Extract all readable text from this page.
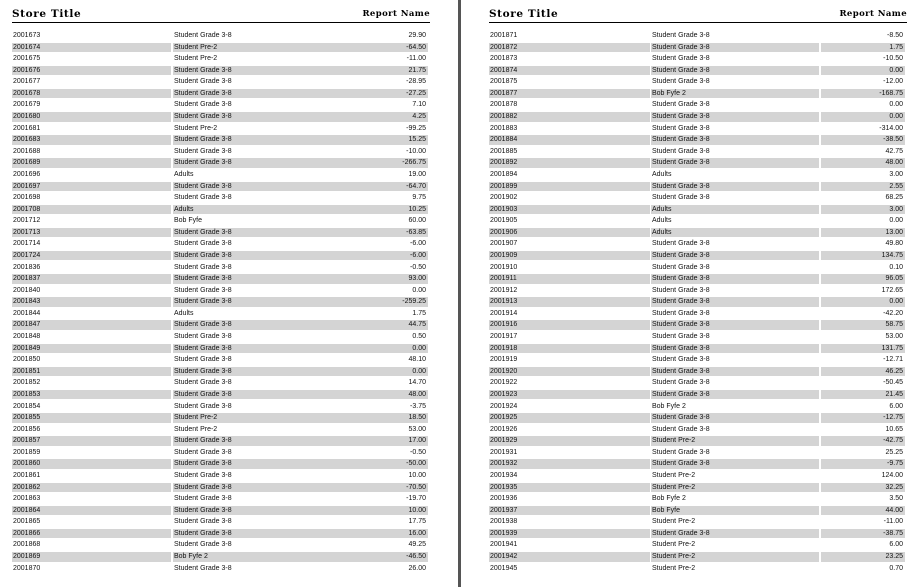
Store Title	Report Name
2001673	Student Grade 3-8	29.90
2001674	Student Pre-2	-64.50
2001675	Student Pre-2	-11.00
2001676	Student Grade 3-8	21.75
2001677	Student Grade 3-8	-28.95
2001678	Student Grade 3-8	-27.25
2001679	Student Grade 3-8	7.10
2001680	Student Grade 3-8	4.25
2001681	Student Pre-2	-99.25
2001683	Student Grade 3-8	15.25
2001688	Student Grade 3-8	-10.00
2001689	Student Grade 3-8	-266.75
2001696	Adults	19.00
2001697	Student Grade 3-8	-64.70
2001698	Student Grade 3-8	9.75
2001708	Adults	10.25
2001712	Bob Fyfe	60.00
2001713	Student Grade 3-8	-63.85
2001714	Student Grade 3-8	-6.00
2001724	Student Grade 3-8	-6.00
2001836	Student Grade 3-8	-0.50
2001837	Student Grade 3-8	93.00
2001840	Student Grade 3-8	0.00
2001843	Student Grade 3-8	-259.25
2001844	Adults	1.75
2001847	Student Grade 3-8	44.75
2001848	Student Grade 3-8	0.50
2001849	Student Grade 3-8	0.00
2001850	Student Grade 3-8	48.10
2001851	Student Grade 3-8	0.00
2001852	Student Grade 3-8	14.70
2001853	Student Grade 3-8	48.00
2001854	Student Grade 3-8	-3.75
2001855	Student Pre-2	18.50
2001856	Student Pre-2	53.00
2001857	Student Grade 3-8	17.00
2001859	Student Grade 3-8	-0.50
2001860	Student Grade 3-8	-50.00
2001861	Student Grade 3-8	10.00
2001862	Student Grade 3-8	-70.50
2001863	Student Grade 3-8	-19.70
2001864	Student Grade 3-8	10.00
2001865	Student Grade 3-8	17.75
2001866	Student Grade 3-8	16.00
2001868	Student Grade 3-8	49.25
2001869	Bob Fyfe 2	-46.50
2001870	Student Grade 3-8	26.00
Store Title	Report Name
2001871	Student Grade 3-8	-8.50
2001872	Student Grade 3-8	1.75
2001873	Student Grade 3-8	-10.50
2001874	Student Grade 3-8	0.00
2001875	Student Grade 3-8	-12.00
2001877	Bob Fyfe 2	-168.75
2001878	Student Grade 3-8	0.00
2001882	Student Grade 3-8	0.00
2001883	Student Grade 3-8	-314.00
2001884	Student Grade 3-8	-38.50
2001885	Student Grade 3-8	42.75
2001892	Student Grade 3-8	48.00
2001894	Adults	3.00
2001899	Student Grade 3-8	2.55
2001902	Student Grade 3-8	68.25
2001903	Adults	3.00
2001905	Adults	0.00
2001906	Adults	13.00
2001907	Student Grade 3-8	49.80
2001909	Student Grade 3-8	134.75
2001910	Student Grade 3-8	0.10
2001911	Student Grade 3-8	96.05
2001912	Student Grade 3-8	172.65
2001913	Student Grade 3-8	0.00
2001914	Student Grade 3-8	-42.20
2001916	Student Grade 3-8	58.75
2001917	Student Grade 3-8	53.00
2001918	Student Grade 3-8	131.75
2001919	Student Grade 3-8	-12.71
2001920	Student Grade 3-8	46.25
2001922	Student Grade 3-8	-50.45
2001923	Student Grade 3-8	21.45
2001924	Bob Fyfe 2	6.00
2001925	Student Grade 3-8	-12.75
2001926	Student Grade 3-8	10.65
2001929	Student Pre-2	-42.75
2001931	Student Grade 3-8	25.25
2001932	Student Grade 3-8	-9.75
2001934	Student Pre-2	124.00
2001935	Student Pre-2	32.25
2001936	Bob Fyfe 2	3.50
2001937	Bob Fyfe	44.00
2001938	Student Pre-2	-11.00
2001939	Student Grade 3-8	-38.75
2001941	Student Pre-2	6.00
2001942	Student Pre-2	23.25
2001945	Student Pre-2	0.70
